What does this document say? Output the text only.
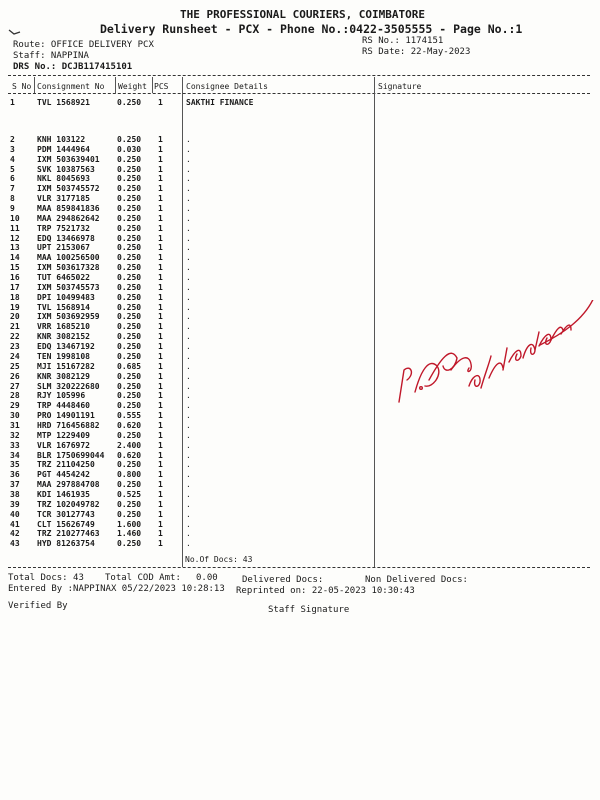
THE PROFESSIONAL COURIERS, COIMBATORE
Delivery Runsheet - PCX - Phone No.:0422-3505555 - Page No.:1
Route: OFFICE DELIVERY PCX
Staff: NAPPINA
DRS No.: DCJB117415101
RS No.: 1174151
RS Date: 22-May-2023
S No Consignment No Weight PCS Consignee Details	Signature
1	TVL 1568921	0.250 1	SAKTHI FINANCE
2	KNH 103122	0.250 1	.
3	PDM 1444964	0.030 1	.
4	IXM 503639401 0.250 1	.
5	SVK 10387563	0.250 1	.
6	NKL 8045693	0.250 1	.
7	IXM 503745572 0.250 1	.
8	VLR 3177185	0.250 1	.
9	MAA 859841836 0.250 1	.
10 MAA 294862642 0.250 1	.
11 TRP 7521732	0.250 1	.
12 EDQ 13466978	0.250 1	.
13 UPT 2153067	0.250 1	.
14 MAA 100256500 0.250 1	.
15 IXM 503617328 0.250 1	.
16 TUT 6465022	0.250 1	.
17 IXM 503745573 0.250 1	.
18 DPI 10499483	0.250 1	.
19 TVL 1568914	0.250 1	.
20 IXM 503692959 0.250 1	.
21 VRR 1685210	0.250 1	.
22 KNR 3082152	0.250 1	.
23 EDQ 13467192	0.250 1	.
24 TEN 1998108	0.250 1	.
25 MJI 15167282	0.685 1	.
26 KNR 3082129	0.250 1	.
27 SLM 320222680 0.250 1	.
28 RJY 105996	0.250 1	.
29 TRP 4448460	0.250 1	.
30 PRO 14901191	0.555 1	.
31 HRD 716456882 0.620 1	.
32 MTP 1229409	0.250 1	.
33 VLR 1676972	2.400 1	.
34 BLR 1750699044 0.620 1	.
35 TRZ 21104250	0.250 1	.
36 PGT 4454242	0.800 1	.
37 MAA 297884708 0.250 1	.
38 KDI 1461935	0.525 1	.
39 TRZ 102049782 0.250 1	.
40 TCR 30127743	0.250 1	.
41 CLT 15626749	1.600 1	.
42 TRZ 210277463 1.460 1	.
43 HYD 81263754	0.250 1	.
No.Of Docs: 43
Total Docs: 43 Total COD Amt: 0.00	Delivered Docs:	Non Delivered Docs:
Entered By :NAPPINAX 05/22/2023 10:28:13 Reprinted on: 22-05-2023 10:30:43
Verified By	Staff Signature
